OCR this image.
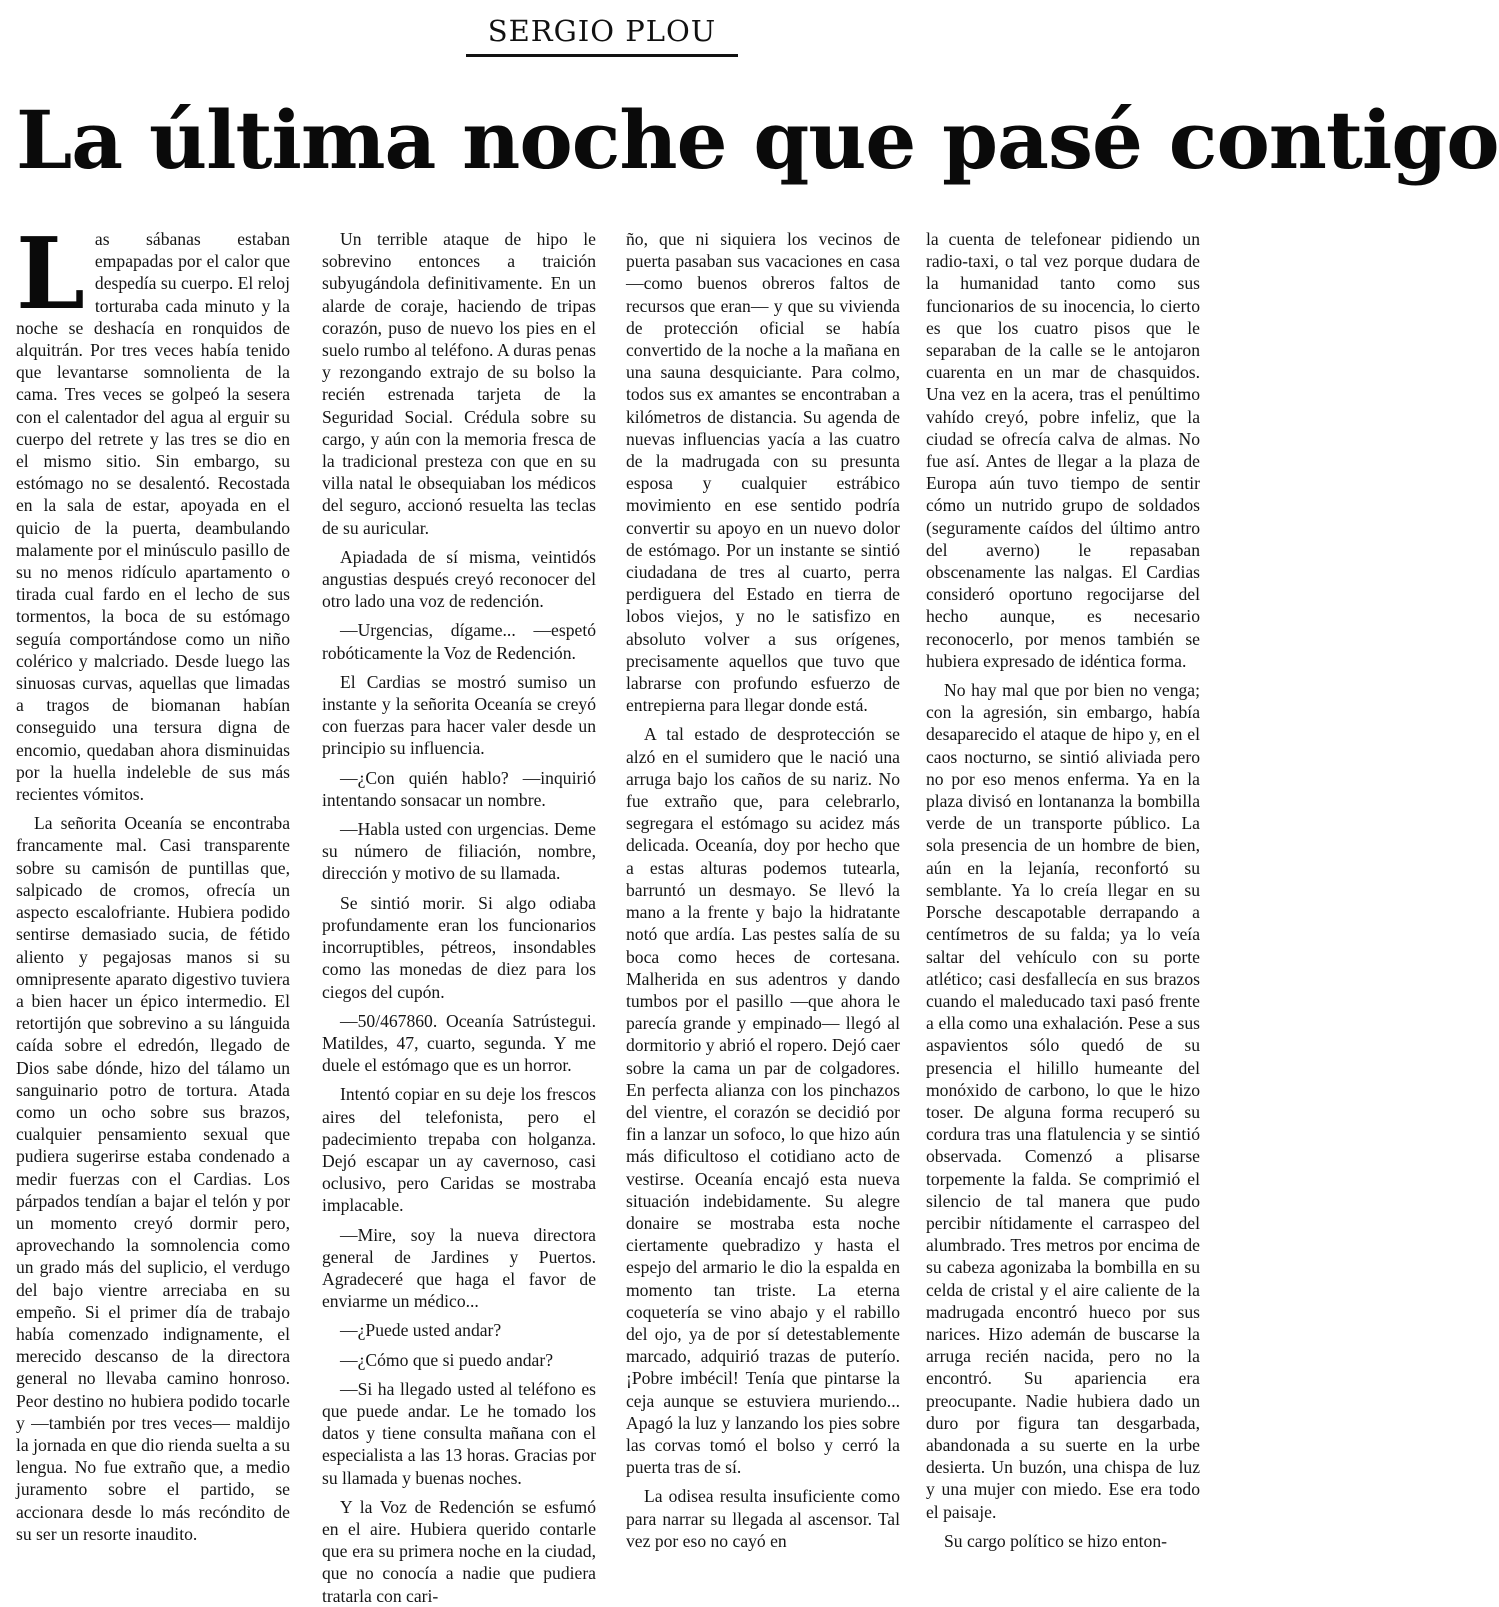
SERGIO PLOU
La última noche que pasé contigo

Las sábanas estaban empapadas por el calor que despedía su cuerpo. El reloj torturaba cada minuto y la noche se deshacía en ronquidos de alquitrán. Por tres veces había tenido que levantarse somnolienta de la cama. Tres veces se golpeó la sesera con el calentador del agua al erguir su cuerpo del retrete y las tres se dio en el mismo sitio. Sin embargo, su estómago no se desalentó. Recostada en la sala de estar, apoyada en el quicio de la puerta, deambulando malamente por el minúsculo pasillo de su no menos ridículo apartamento o tirada cual fardo en el lecho de sus tormentos, la boca de su estómago seguía comportándose como un niño colérico y malcriado. Desde luego las sinuosas curvas, aquellas que limadas a tragos de biomanan habían conseguido una tersura digna de encomio, quedaban ahora disminuidas por la huella indeleble de sus más recientes vómitos.

La señorita Oceanía se encontraba francamente mal. Casi transparente sobre su camisón de puntillas que, salpicado de cromos, ofrecía un aspecto escalofriante. Hubiera podido sentirse demasiado sucia, de fétido aliento y pegajosas manos si su omnipresente aparato digestivo tuviera a bien hacer un épico intermedio. El retortijón que sobrevino a su lánguida caída sobre el edredón, llegado de Dios sabe dónde, hizo del tálamo un sanguinario potro de tortura. Atada como un ocho sobre sus brazos, cualquier pensamiento sexual que pudiera sugerirse estaba condenado a medir fuerzas con el Cardias. Los párpados tendían a bajar el telón y por un momento creyó dormir pero, aprovechando la somnolencia como un grado más del suplicio, el verdugo del bajo vientre arreciaba en su empeño. Si el primer día de trabajo había comenzado indignamente, el merecido descanso de la directora general no llevaba camino honroso. Peor destino no hubiera podido tocarle y —también por tres veces— maldijo la jornada en que dio rienda suelta a su lengua. No fue extraño que, a medio juramento sobre el partido, se accionara desde lo más recóndito de su ser un resorte inaudito.

Un terrible ataque de hipo le sobrevino entonces a traición subyugándola definitivamente. En un alarde de coraje, haciendo de tripas corazón, puso de nuevo los pies en el suelo rumbo al teléfono. A duras penas y rezongando extrajo de su bolso la recién estrenada tarjeta de la Seguridad Social. Crédula sobre su cargo, y aún con la memoria fresca de la tradicional presteza con que en su villa natal le obsequiaban los médicos del seguro, accionó resuelta las teclas de su auricular.

Apiadada de sí misma, veintidós angustias después creyó reconocer del otro lado una voz de redención.

—Urgencias, dígame... —espetó robóticamente la Voz de Redención.

El Cardias se mostró sumiso un instante y la señorita Oceanía se creyó con fuerzas para hacer valer desde un principio su influencia.

—¿Con quién hablo? —inquirió intentando sonsacar un nombre.

—Habla usted con urgencias. Deme su número de filiación, nombre, dirección y motivo de su llamada.

Se sintió morir. Si algo odiaba profundamente eran los funcionarios incorruptibles, pétreos, insondables como las monedas de diez para los ciegos del cupón.

—50/467860. Oceanía Satrústegui. Matildes, 47, cuarto, segunda. Y me duele el estómago que es un horror.

Intentó copiar en su deje los frescos aires del telefonista, pero el padecimiento trepaba con holganza. Dejó escapar un ay cavernoso, casi oclusivo, pero Caridas se mostraba implacable.

—Mire, soy la nueva directora general de Jardines y Puertos. Agradeceré que haga el favor de enviarme un médico...

—¿Puede usted andar?

—¿Cómo que si puedo andar?

—Si ha llegado usted al teléfono es que puede andar. Le he tomado los datos y tiene consulta mañana con el especialista a las 13 horas. Gracias por su llamada y buenas noches.

Y la Voz de Redención se esfumó en el aire. Hubiera querido contarle que era su primera noche en la ciudad, que no conocía a nadie que pudiera tratarla con cari-

ño, que ni siquiera los vecinos de puerta pasaban sus vacaciones en casa —como buenos obreros faltos de recursos que eran— y que su vivienda de protección oficial se había convertido de la noche a la mañana en una sauna desquiciante. Para colmo, todos sus ex amantes se encontraban a kilómetros de distancia. Su agenda de nuevas influencias yacía a las cuatro de la madrugada con su presunta esposa y cualquier estrábico movimiento en ese sentido podría convertir su apoyo en un nuevo dolor de estómago. Por un instante se sintió ciudadana de tres al cuarto, perra perdiguera del Estado en tierra de lobos viejos, y no le satisfizo en absoluto volver a sus orígenes, precisamente aquellos que tuvo que labrarse con profundo esfuerzo de entrepierna para llegar donde está.

A tal estado de desprotección se alzó en el sumidero que le nació una arruga bajo los caños de su nariz. No fue extraño que, para celebrarlo, segregara el estómago su acidez más delicada. Oceanía, doy por hecho que a estas alturas podemos tutearla, barruntó un desmayo. Se llevó la mano a la frente y bajo la hidratante notó que ardía. Las pestes salía de su boca como heces de cortesana. Malherida en sus adentros y dando tumbos por el pasillo —que ahora le parecía grande y empinado— llegó al dormitorio y abrió el ropero. Dejó caer sobre la cama un par de colgadores. En perfecta alianza con los pinchazos del vientre, el corazón se decidió por fin a lanzar un sofoco, lo que hizo aún más dificultoso el cotidiano acto de vestirse. Oceanía encajó esta nueva situación indebidamente. Su alegre donaire se mostraba esta noche ciertamente quebradizo y hasta el espejo del armario le dio la espalda en momento tan triste. La eterna coquetería se vino abajo y el rabillo del ojo, ya de por sí detestablemente marcado, adquirió trazas de puterío. ¡Pobre imbécil! Tenía que pintarse la ceja aunque se estuviera muriendo... Apagó la luz y lanzando los pies sobre las corvas tomó el bolso y cerró la puerta tras de sí.

La odisea resulta insuficiente como para narrar su llegada al ascensor. Tal vez por eso no cayó en

la cuenta de telefonear pidiendo un radio-taxi, o tal vez porque dudara de la humanidad tanto como sus funcionarios de su inocencia, lo cierto es que los cuatro pisos que le separaban de la calle se le antojaron cuarenta en un mar de chasquidos. Una vez en la acera, tras el penúltimo vahído creyó, pobre infeliz, que la ciudad se ofrecía calva de almas. No fue así. Antes de llegar a la plaza de Europa aún tuvo tiempo de sentir cómo un nutrido grupo de soldados (seguramente caídos del último antro del averno) le repasaban obscenamente las nalgas. El Cardias consideró oportuno regocijarse del hecho aunque, es necesario reconocerlo, por menos también se hubiera expresado de idéntica forma.

No hay mal que por bien no venga; con la agresión, sin embargo, había desaparecido el ataque de hipo y, en el caos nocturno, se sintió aliviada pero no por eso menos enferma. Ya en la plaza divisó en lontananza la bombilla verde de un transporte público. La sola presencia de un hombre de bien, aún en la lejanía, reconfortó su semblante. Ya lo creía llegar en su Porsche descapotable derrapando a centímetros de su falda; ya lo veía saltar del vehículo con su porte atlético; casi desfallecía en sus brazos cuando el maleducado taxi pasó frente a ella como una exhalación. Pese a sus aspavientos sólo quedó de su presencia el hilillo humeante del monóxido de carbono, lo que le hizo toser. De alguna forma recuperó su cordura tras una flatulencia y se sintió observada. Comenzó a plisarse torpemente la falda. Se comprimió el silencio de tal manera que pudo percibir nítidamente el carraspeo del alumbrado. Tres metros por encima de su cabeza agonizaba la bombilla en su celda de cristal y el aire caliente de la madrugada encontró hueco por sus narices. Hizo ademán de buscarse la arruga recién nacida, pero no la encontró. Su apariencia era preocupante. Nadie hubiera dado un duro por figura tan desgarbada, abandonada a su suerte en la urbe desierta. Un buzón, una chispa de luz y una mujer con miedo. Ese era todo el paisaje.

Su cargo político se hizo enton-
